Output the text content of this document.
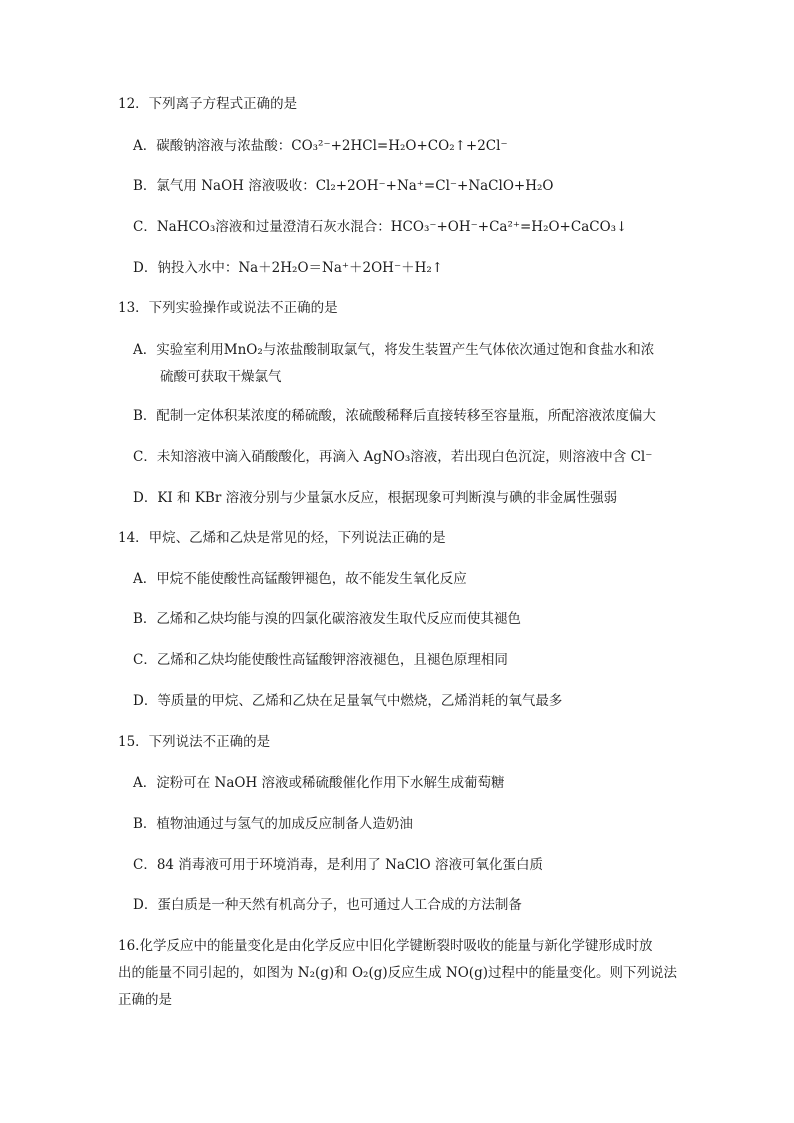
12．下列离子方程式正确的是
A．碳酸钠溶液与浓盐酸：CO₃²⁻+2HCl=H₂O+CO₂↑+2Cl⁻
B．氯气用 NaOH 溶液吸收：Cl₂+2OH⁻+Na⁺=Cl⁻+NaClO+H₂O
C．NaHCO₃溶液和过量澄清石灰水混合：HCO₃⁻+OH⁻+Ca²⁺=H₂O+CaCO₃↓
D．钠投入水中：Na＋2H₂O＝Na⁺＋2OH⁻＋H₂↑
13．下列实验操作或说法不正确的是
A．实验室利用MnO₂与浓盐酸制取氯气，将发生装置产生气体依次通过饱和食盐水和浓
硫酸可获取干燥氯气
B．配制一定体积某浓度的稀硫酸，浓硫酸稀释后直接转移至容量瓶，所配溶液浓度偏大
C．未知溶液中滴入硝酸酸化，再滴入 AgNO₃溶液，若出现白色沉淀，则溶液中含 Cl⁻
D．KI 和 KBr 溶液分别与少量氯水反应，根据现象可判断溴与碘的非金属性强弱
14．甲烷、乙烯和乙炔是常见的烃，下列说法正确的是
A．甲烷不能使酸性高锰酸钾褪色，故不能发生氧化反应
B．乙烯和乙炔均能与溴的四氯化碳溶液发生取代反应而使其褪色
C．乙烯和乙炔均能使酸性高锰酸钾溶液褪色，且褪色原理相同
D．等质量的甲烷、乙烯和乙炔在足量氧气中燃烧，乙烯消耗的氧气最多
15．下列说法不正确的是
A．淀粉可在 NaOH 溶液或稀硫酸催化作用下水解生成葡萄糖
B．植物油通过与氢气的加成反应制备人造奶油
C．84 消毒液可用于环境消毒，是利用了 NaClO 溶液可氧化蛋白质
D．蛋白质是一种天然有机高分子，也可通过人工合成的方法制备
16.化学反应中的能量变化是由化学反应中旧化学键断裂时吸收的能量与新化学键形成时放
出的能量不同引起的，如图为 N₂(g)和 O₂(g)反应生成 NO(g)过程中的能量变化。则下列说法
正确的是
